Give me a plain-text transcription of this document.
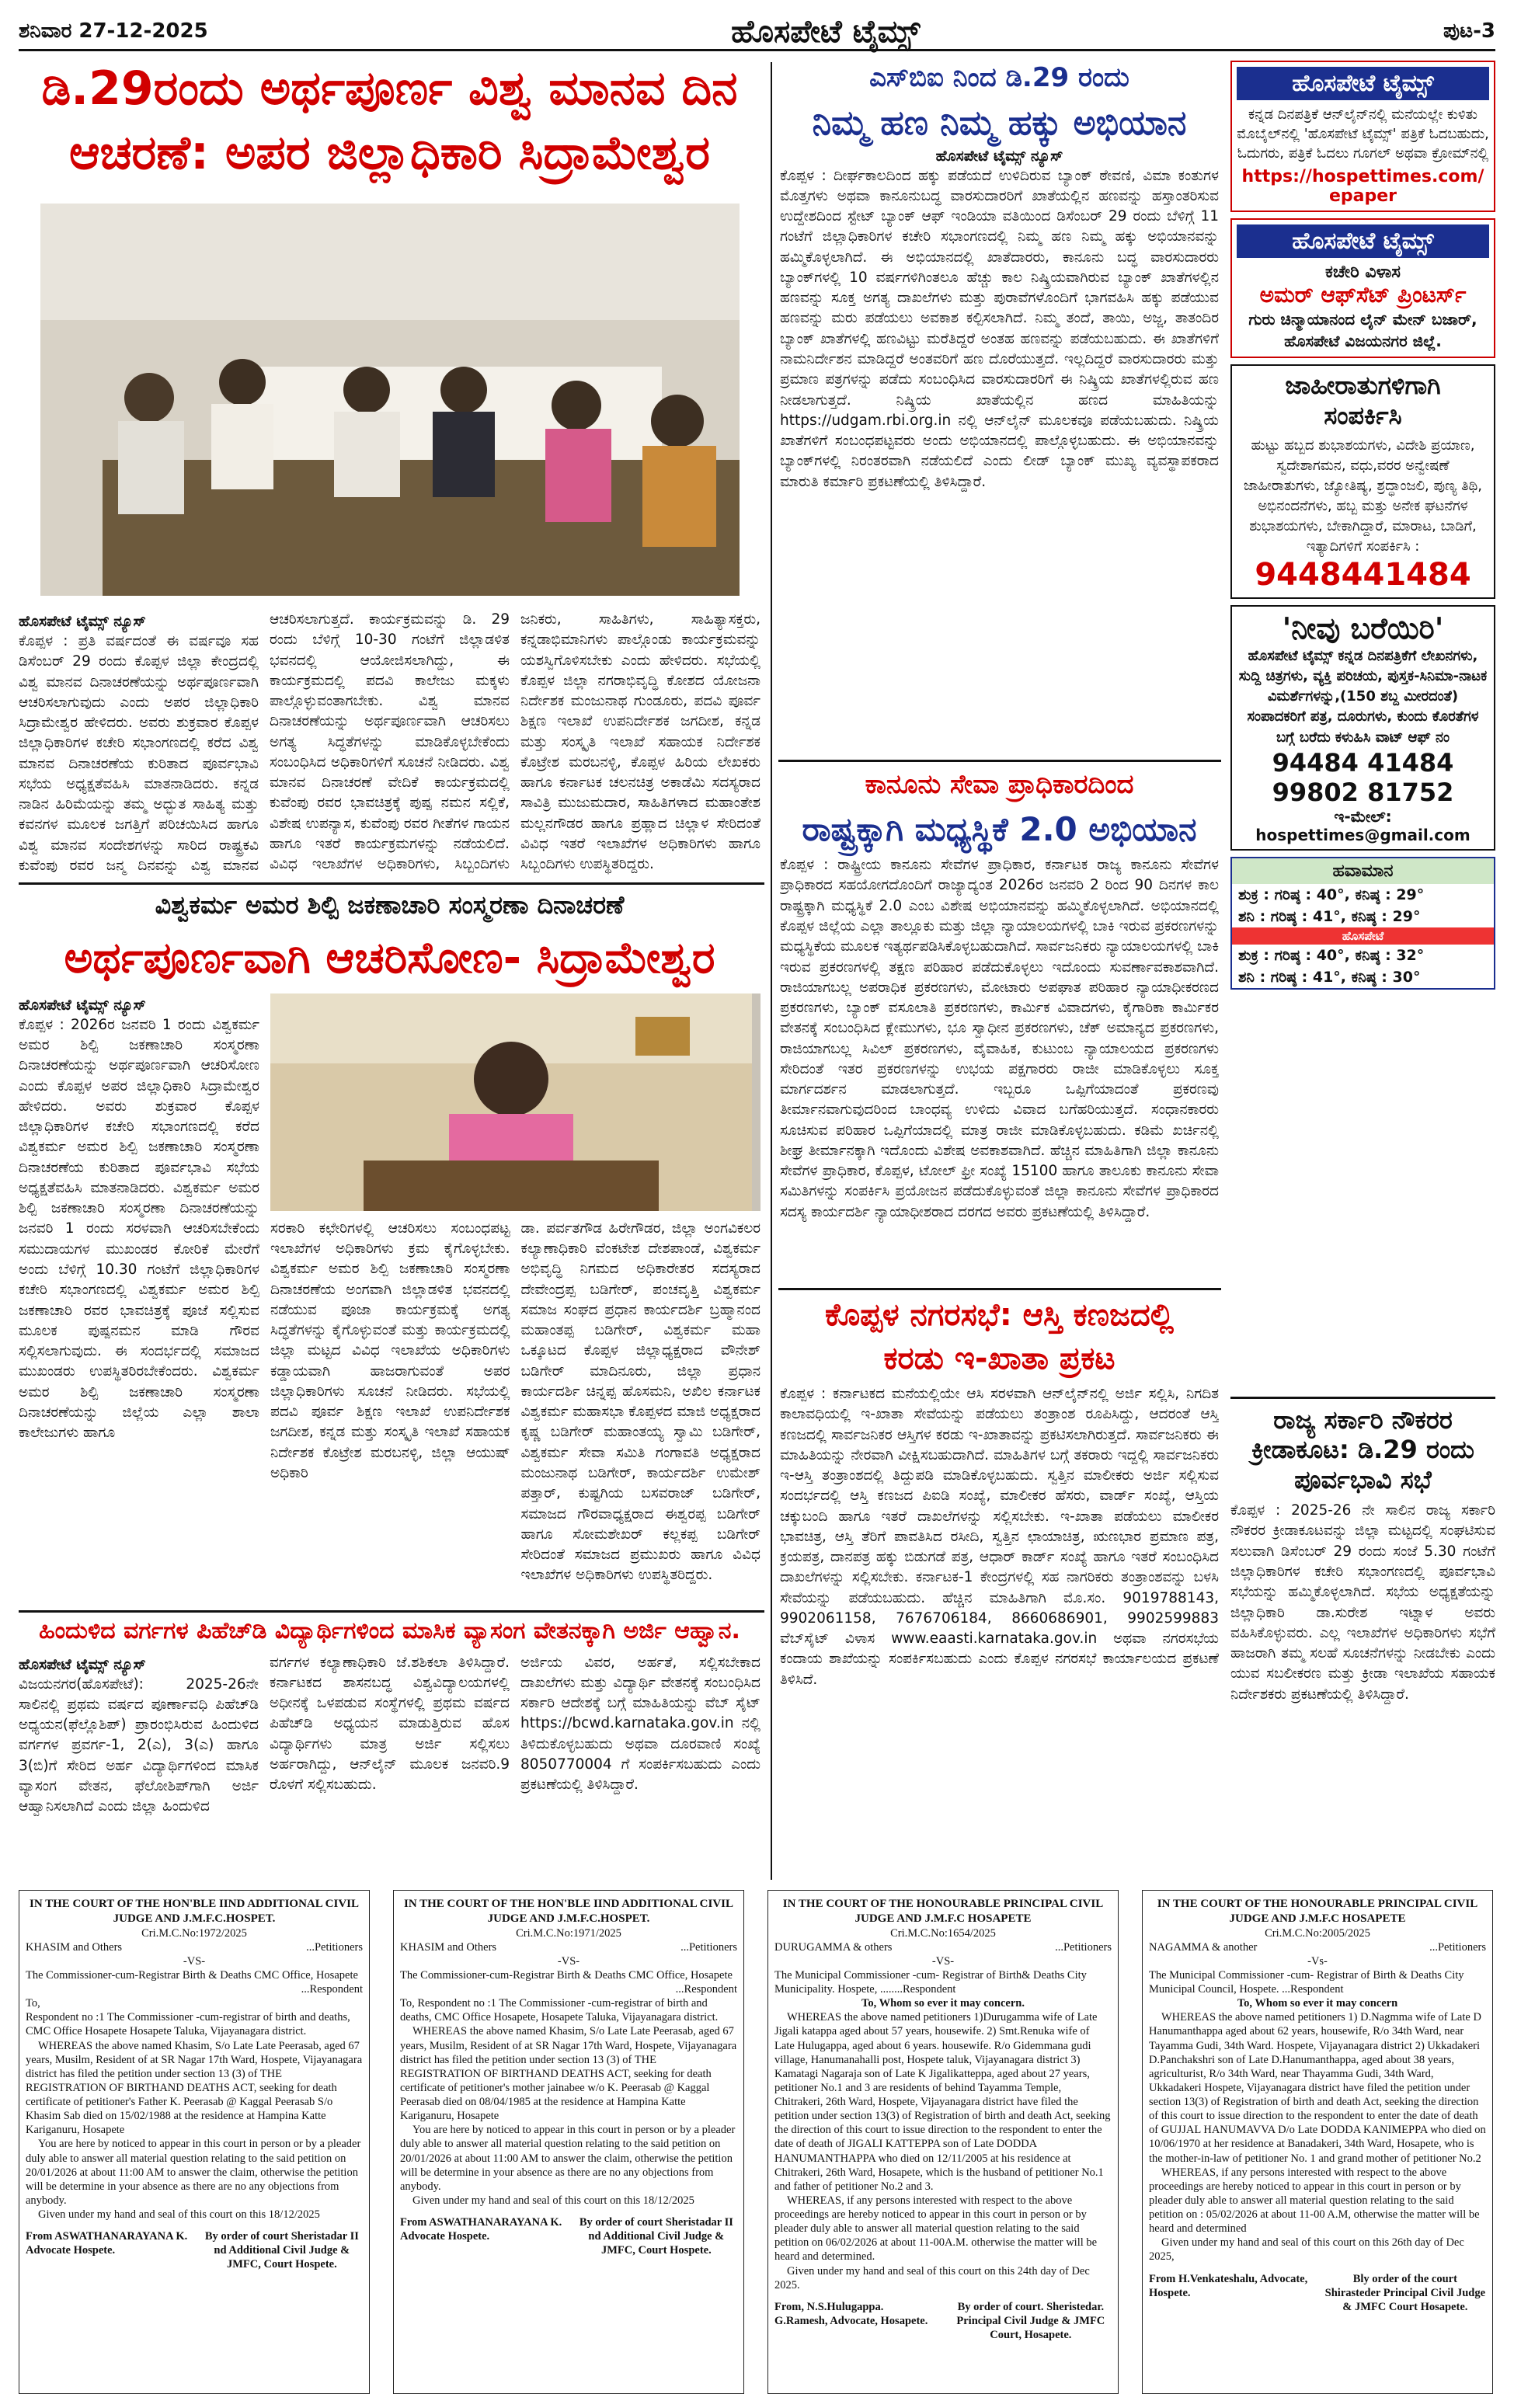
ಶನಿವಾರ 27-12-2025	ಹೊಸಪೇಟೆ ಟೈಮ್ಸ್	ಪುಟ-3
ಡಿ.29ರಂದು ಅರ್ಥಪೂರ್ಣ ವಿಶ್ವ ಮಾನವ ದಿನ
ಆಚರಣೆ: ಅಪರ ಜಿಲ್ಲಾಧಿಕಾರಿ ಸಿದ್ರಾಮೇಶ್ವರ
ಹೊಸಪೇಟೆ ಟೈಮ್ಸ್ ನ್ಯೂಸ್
ಕೊಪ್ಪಳ : ಪ್ರತಿ ವರ್ಷದಂತೆ ಈ ವರ್ಷವೂ ಸಹ ಡಿಸೆಂಬರ್ 29 ರಂದು ಕೊಪ್ಪಳ ಜಿಲ್ಲಾ ಕೇಂದ್ರದಲ್ಲಿ ವಿಶ್ವ ಮಾನವ ದಿನಾಚರಣೆಯನ್ನು ಅರ್ಥಪೂರ್ಣವಾಗಿ ಆಚರಿಸಲಾಗುವುದು ಎಂದು ಅಪರ ಜಿಲ್ಲಾಧಿಕಾರಿ ಸಿದ್ರಾಮೇಶ್ವರ ಹೇಳಿದರು. ಅವರು ಶುಕ್ರವಾರ ಕೊಪ್ಪಳ ಜಿಲ್ಲಾಧಿಕಾರಿಗಳ ಕಚೇರಿ ಸಭಾಂಗಣದಲ್ಲಿ ಕರೆದ ವಿಶ್ವ ಮಾನವ ದಿನಾಚರಣೆಯ ಕುರಿತಾದ ಪೂರ್ವಭಾವಿ ಸಭೆಯ ಅಧ್ಯಕ್ಷತೆವಹಿಸಿ ಮಾತನಾಡಿದರು. ಕನ್ನಡ ನಾಡಿನ ಹಿರಿಮೆಯನ್ನು ತಮ್ಮ ಅದ್ಭುತ ಸಾಹಿತ್ಯ ಮತ್ತು ಕವನಗಳ ಮೂಲಕ ಜಗತ್ತಿಗೆ ಪರಿಚಯಿಸಿದ ಹಾಗೂ ವಿಶ್ವ ಮಾನವ ಸಂದೇಶಗಳನ್ನು ಸಾರಿದ ರಾಷ್ಟ್ರಕವಿ ಕುವೆಂಪು ರವರ ಜನ್ಮ ದಿನವನ್ನು ವಿಶ್ವ ಮಾನವ
ಆಚರಿಸಲಾಗುತ್ತದೆ. ಕಾರ್ಯಕ್ರಮವನ್ನು ಡಿ. 29 ರಂದು ಬೆಳಿಗ್ಗೆ 10-30 ಗಂಟೆಗೆ ಜಿಲ್ಲಾಡಳಿತ ಭವನದಲ್ಲಿ ಆಯೋಜಿಸಲಾಗಿದ್ದು, ಈ ಕಾರ್ಯಕ್ರಮದಲ್ಲಿ ಪದವಿ ಕಾಲೇಜು ಮಕ್ಕಳು ಪಾಲ್ಗೊಳ್ಳುವಂತಾಗಬೇಕು. ವಿಶ್ವ ಮಾನವ ದಿನಾಚರಣೆಯನ್ನು ಅರ್ಥಪೂರ್ಣವಾಗಿ ಆಚರಿಸಲು ಅಗತ್ಯ ಸಿದ್ಧತೆಗಳನ್ನು ಮಾಡಿಕೊಳ್ಳಬೇಕೆಂದು ಸಂಬಂಧಿಸಿದ ಅಧಿಕಾರಿಗಳಿಗೆ ಸೂಚನೆ ನೀಡಿದರು. ವಿಶ್ವ ಮಾನವ ದಿನಾಚರಣೆ ವೇದಿಕೆ ಕಾರ್ಯಕ್ರಮದಲ್ಲಿ ಕುವೆಂಪು ರವರ ಭಾವಚಿತ್ರಕ್ಕೆ ಪುಷ್ಪ ನಮನ ಸಲ್ಲಿಕೆ, ವಿಶೇಷ ಉಪನ್ಯಾಸ, ಕುವೆಂಪು ರವರ ಗೀತೆಗಳ ಗಾಯನ ಹಾಗೂ ಇತರೆ ಕಾರ್ಯಕ್ರಮಗಳನ್ನು ನಡೆಯಲಿದೆ. ವಿವಿಧ ಇಲಾಖೆಗಳ ಅಧಿಕಾರಿಗಳು, ಸಿಬ್ಬಂದಿಗಳು
ಜನಿಕರು, ಸಾಹಿತಿಗಳು, ಸಾಹಿತ್ಯಾಸಕ್ತರು, ಕನ್ನಡಾಭಿಮಾನಿಗಳು ಪಾಲ್ಗೊಂಡು ಕಾರ್ಯಕ್ರಮವನ್ನು ಯಶಸ್ವಿಗೊಳಿಸಬೇಕು ಎಂದು ಹೇಳಿದರು. ಸಭೆಯಲ್ಲಿ ಕೊಪ್ಪಳ ಜಿಲ್ಲಾ ನಗರಾಭಿವೃದ್ಧಿ ಕೋಶದ ಯೋಜನಾ ನಿರ್ದೇಶಕ ಮಂಜುನಾಥ ಗುಂಡೂರು, ಪದವಿ ಪೂರ್ವ ಶಿಕ್ಷಣ ಇಲಾಖೆ ಉಪನಿರ್ದೇಶಕ ಜಗದೀಶ, ಕನ್ನಡ ಮತ್ತು ಸಂಸ್ಕೃತಿ ಇಲಾಖೆ ಸಹಾಯಕ ನಿರ್ದೇಶಕ ಕೊಟ್ರೇಶ ಮರಬನಳ್ಳಿ, ಕೊಪ್ಪಳ ಹಿರಿಯ ಲೇಖಕರು ಹಾಗೂ ಕರ್ನಾಟಕ ಚಲನಚಿತ್ರ ಅಕಾಡೆಮಿ ಸದಸ್ಯರಾದ ಸಾವಿತ್ರಿ ಮುಜುಮದಾರ, ಸಾಹಿತಿಗಳಾದ ಮಹಾಂತೇಶ ಮಲ್ಲನಗೌಡರ ಹಾಗೂ ಪ್ರಹ್ಲಾದ ಚಿಲ್ಲಾಳ ಸೇರಿದಂತೆ ವಿವಿಧ ಇತರೆ ಇಲಾಖೆಗಳ ಅಧಿಕಾರಿಗಳು ಹಾಗೂ ಸಿಬ್ಬಂದಿಗಳು ಉಪಸ್ಥಿತರಿದ್ದರು.
ವಿಶ್ವಕರ್ಮ ಅಮರ ಶಿಲ್ಪಿ ಜಕಣಾಚಾರಿ ಸಂಸ್ಮರಣಾ ದಿನಾಚರಣೆ
ಅರ್ಥಪೂರ್ಣವಾಗಿ ಆಚರಿಸೋಣ- ಸಿದ್ರಾಮೇಶ್ವರ
ಹೊಸಪೇಟೆ ಟೈಮ್ಸ್ ನ್ಯೂಸ್
ಕೊಪ್ಪಳ : 2026ರ ಜನವರಿ 1 ರಂದು ವಿಶ್ವಕರ್ಮ ಅಮರ ಶಿಲ್ಪಿ ಜಕಣಾಚಾರಿ ಸಂಸ್ಮರಣಾ ದಿನಾಚರಣೆಯನ್ನು ಅರ್ಥಪೂರ್ಣವಾಗಿ ಆಚರಿಸೋಣ ಎಂದು ಕೊಪ್ಪಳ ಅಪರ ಜಿಲ್ಲಾಧಿಕಾರಿ ಸಿದ್ರಾಮೇಶ್ವರ ಹೇಳಿದರು. ಅವರು ಶುಕ್ರವಾರ ಕೊಪ್ಪಳ ಜಿಲ್ಲಾಧಿಕಾರಿಗಳ ಕಚೇರಿ ಸಭಾಂಗಣದಲ್ಲಿ ಕರೆದ ವಿಶ್ವಕರ್ಮ ಅಮರ ಶಿಲ್ಪಿ ಜಕಣಾಚಾರಿ ಸಂಸ್ಮರಣಾ ದಿನಾಚರಣೆಯ ಕುರಿತಾದ ಪೂರ್ವಭಾವಿ ಸಭೆಯ ಅಧ್ಯಕ್ಷತೆವಹಿಸಿ ಮಾತನಾಡಿದರು. ವಿಶ್ವಕರ್ಮ ಅಮರ ಶಿಲ್ಪಿ ಜಕಣಾಚಾರಿ ಸಂಸ್ಮರಣಾ ದಿನಾಚರಣೆಯನ್ನು ಜನವರಿ 1 ರಂದು ಸರಳವಾಗಿ ಆಚರಿಸಬೇಕೆಂದು ಸಮುದಾಯಗಳ ಮುಖಂಡರ ಕೋರಿಕೆ ಮೇರೆಗೆ ಅಂದು ಬೆಳಿಗ್ಗೆ 10.30 ಗಂಟೆಗೆ ಜಿಲ್ಲಾಧಿಕಾರಿಗಳ ಕಚೇರಿ ಸಭಾಂಗಣದಲ್ಲಿ ವಿಶ್ವಕರ್ಮ ಅಮರ ಶಿಲ್ಪಿ ಜಕಣಾಚಾರಿ ರವರ ಭಾವಚಿತ್ರಕ್ಕೆ ಪೂಜೆ ಸಲ್ಲಿಸುವ ಮೂಲಕ ಪುಷ್ಪನಮನ ಮಾಡಿ ಗೌರವ ಸಲ್ಲಿಸಲಾಗುವುದು. ಈ ಸಂದರ್ಭದಲ್ಲಿ ಸಮಾಜದ ಮುಖಂಡರು ಉಪಸ್ಥಿತರಿರಬೇಕೆಂದರು. ವಿಶ್ವಕರ್ಮ ಅಮರ ಶಿಲ್ಪಿ ಜಕಣಾಚಾರಿ ಸಂಸ್ಮರಣಾ ದಿನಾಚರಣೆಯನ್ನು ಜಿಲ್ಲೆಯ ಎಲ್ಲಾ ಶಾಲಾ ಕಾಲೇಜುಗಳು ಹಾಗೂ
ಸರಕಾರಿ ಕಛೇರಿಗಳಲ್ಲಿ ಆಚರಿಸಲು ಸಂಬಂಧಪಟ್ಟ ಇಲಾಖೆಗಳ ಅಧಿಕಾರಿಗಳು ಕ್ರಮ ಕೈಗೊಳ್ಳಬೇಕು. ವಿಶ್ವಕರ್ಮ ಅಮರ ಶಿಲ್ಪಿ ಜಕಣಾಚಾರಿ ಸಂಸ್ಮರಣಾ ದಿನಾಚರಣೆಯ ಅಂಗವಾಗಿ ಜಿಲ್ಲಾಡಳಿತ ಭವನದಲ್ಲಿ ನಡೆಯುವ ಪೂಜಾ ಕಾರ್ಯಕ್ರಮಕ್ಕೆ ಅಗತ್ಯ ಸಿದ್ಧತೆಗಳನ್ನು ಕೈಗೊಳ್ಳುವಂತೆ ಮತ್ತು ಕಾರ್ಯಕ್ರಮದಲ್ಲಿ ಜಿಲ್ಲಾ ಮಟ್ಟದ ವಿವಿಧ ಇಲಾಖೆಯ ಅಧಿಕಾರಿಗಳು ಕಡ್ಡಾಯವಾಗಿ ಹಾಜರಾಗುವಂತೆ ಅಪರ ಜಿಲ್ಲಾಧಿಕಾರಿಗಳು ಸೂಚನೆ ನೀಡಿದರು. ಸಭೆಯಲ್ಲಿ ಪದವಿ ಪೂರ್ವ ಶಿಕ್ಷಣ ಇಲಾಖೆ ಉಪನಿರ್ದೇಶಕ ಜಗದೀಶ, ಕನ್ನಡ ಮತ್ತು ಸಂಸ್ಕೃತಿ ಇಲಾಖೆ ಸಹಾಯಕ ನಿರ್ದೇಶಕ ಕೊಟ್ರೇಶ ಮರಬನಳ್ಳಿ, ಜಿಲ್ಲಾ ಆಯುಷ್ ಅಧಿಕಾರಿ
ಡಾ. ಪರ್ವತಗೌಡ ಹಿರೇಗೌಡರ, ಜಿಲ್ಲಾ ಅಂಗವಿಕಲರ ಕಲ್ಯಾಣಾಧಿಕಾರಿ ವೆಂಕಟೇಶ ದೇಶಪಾಂಡೆ, ವಿಶ್ವಕರ್ಮ ಅಭಿವೃದ್ಧಿ ನಿಗಮದ ಅಧಿಕಾರೇತರ ಸದಸ್ಯರಾದ ದೇವೇಂದ್ರಪ್ಪ ಬಡಿಗೇರ್, ಪಂಚವೃತ್ತಿ ವಿಶ್ವಕರ್ಮ ಸಮಾಜ ಸಂಘದ ಪ್ರಧಾನ ಕಾರ್ಯದರ್ಶಿ ಬ್ರಹ್ಮಾನಂದ ಮಹಾಂತಪ್ಪ ಬಡಿಗೇರ್, ವಿಶ್ವಕರ್ಮ ಮಹಾ ಒಕ್ಕೂಟದ ಕೊಪ್ಪಳ ಜಿಲ್ಲಾಧ್ಯಕ್ಷರಾದ ವೌನೇಶ್ ಬಡಿಗೇರ್ ಮಾದಿನೂರು, ಜಿಲ್ಲಾ ಪ್ರಧಾನ ಕಾರ್ಯದರ್ಶಿ ಚಿನ್ನಪ್ಪ ಹೊಸಮನಿ, ಅಖಿಲ ಕರ್ನಾಟಕ ವಿಶ್ವಕರ್ಮ ಮಹಾಸಭಾ ಕೊಪ್ಪಳದ ಮಾಜಿ ಅಧ್ಯಕ್ಷರಾದ ಕೃಷ್ಣ ಬಡಿಗೇರ್ ಮಹಾಂತಯ್ಯ ಸ್ವಾಮಿ ಬಡಿಗೇರ್, ವಿಶ್ವಕರ್ಮ ಸೇವಾ ಸಮಿತಿ ಗಂಗಾವತಿ ಅಧ್ಯಕ್ಷರಾದ ಮಂಜುನಾಥ ಬಡಿಗೇರ್, ಕಾರ್ಯದರ್ಶಿ ಉಮೇಶ್ ಪತ್ತಾರ್, ಕುಷ್ಟಗಿಯ ಬಸವರಾಜ್ ಬಡಿಗೇರ್, ಸಮಾಜದ ಗೌರವಾಧ್ಯಕ್ಷರಾದ ಈಶ್ವರಪ್ಪ ಬಡಿಗೇರ್ ಹಾಗೂ ಸೋಮಶೇಖರ್ ಕಲ್ಲಕಪ್ಪ ಬಡಿಗೇರ್ ಸೇರಿದಂತೆ ಸಮಾಜದ ಪ್ರಮುಖರು ಹಾಗೂ ವಿವಿಧ ಇಲಾಖೆಗಳ ಅಧಿಕಾರಿಗಳು ಉಪಸ್ಥಿತರಿದ್ದರು.
ಹಿಂದುಳಿದ ವರ್ಗಗಳ ಪಿಹೆಚ್‌ಡಿ ವಿದ್ಯಾರ್ಥಿಗಳಿಂದ ಮಾಸಿಕ ವ್ಯಾಸಂಗ ವೇತನಕ್ಕಾಗಿ ಅರ್ಜಿ ಆಹ್ವಾನ.
ಹೊಸಪೇಟೆ ಟೈಮ್ಸ್ ನ್ಯೂಸ್
ವಿಜಯನಗರ(ಹೊಸಪೇಟೆ): 2025-26ನೇ ಸಾಲಿನಲ್ಲಿ ಪ್ರಥಮ ವರ್ಷದ ಪೂರ್ಣಾವಧಿ ಪಿಹೆಚ್‌ಡಿ ಅಧ್ಯಯನ(ಫೆಲ್ಲೊಶಿಪ್) ಪ್ರಾರಂಭಿಸಿರುವ ಹಿಂದುಳಿದ ವರ್ಗಗಳ ಪ್ರವರ್ಗ-1, 2(ಎ), 3(ಎ) ಹಾಗೂ 3(ಬಿ)ಗೆ ಸೇರಿದ ಅರ್ಹ ವಿದ್ಯಾರ್ಥಿಗಳಿಂದ ಮಾಸಿಕ ವ್ಯಾಸಂಗ ವೇತನ, ಫೆಲೋಶಿಪ್‌ಗಾಗಿ ಅರ್ಜಿ ಆಹ್ವಾನಿಸಲಾಗಿದೆ ಎಂದು ಜಿಲ್ಲಾ ಹಿಂದುಳಿದ
ವರ್ಗಗಳ ಕಲ್ಯಾಣಾಧಿಕಾರಿ ಜೆ.ಶಶಿಕಲಾ ತಿಳಿಸಿದ್ದಾರೆ. ಕರ್ನಾಟಕದ ಶಾಸನಬದ್ಧ ವಿಶ್ವವಿದ್ಯಾಲಯಗಳಲ್ಲಿ ಅಧೀನಕ್ಕೆ ಒಳಪಡುವ ಸಂಸ್ಥೆಗಳಲ್ಲಿ ಪ್ರಥಮ ವರ್ಷದ ಪಿಹೆಚ್‌ಡಿ ಅಧ್ಯಯನ ಮಾಡುತ್ತಿರುವ ಹೊಸ ವಿದ್ಯಾರ್ಥಿಗಳು ಮಾತ್ರ ಅರ್ಜಿ ಸಲ್ಲಿಸಲು ಅರ್ಹರಾಗಿದ್ದು, ಆನ್‌ಲೈನ್ ಮೂಲಕ ಜನವರಿ.9 ರೊಳಗೆ ಸಲ್ಲಿಸಬಹುದು.
ಅರ್ಜಿಯ ವಿವರ, ಅರ್ಹತೆ, ಸಲ್ಲಿಸಬೇಕಾದ ದಾಖಲೆಗಳು ಮತ್ತು ವಿದ್ಯಾರ್ಥಿ ವೇತನಕ್ಕೆ ಸಂಬಂಧಿಸಿದ ಸರ್ಕಾರಿ ಆದೇಶಕ್ಕೆ ಬಗ್ಗೆ ಮಾಹಿತಿಯನ್ನು ವೆಬ್ ಸೈಟ್ https://bcwd.karnataka.gov.in ನಲ್ಲಿ ತಿಳಿದುಕೊಳ್ಳಬಹುದು ಅಥವಾ ದೂರವಾಣಿ ಸಂಖ್ಯೆ 8050770004 ಗೆ ಸಂಪರ್ಕಿಸಬಹುದು ಎಂದು ಪ್ರಕಟಣೆಯಲ್ಲಿ ತಿಳಿಸಿದ್ದಾರೆ.
ಎಸ್‌ಬಿಐ ನಿಂದ ಡಿ.29 ರಂದು
ನಿಮ್ಮ ಹಣ ನಿಮ್ಮ ಹಕ್ಕು ಅಭಿಯಾನ
ಹೊಸಪೇಟೆ ಟೈಮ್ಸ್ ನ್ಯೂಸ್
ಕೊಪ್ಪಳ : ದೀರ್ಘಕಾಲದಿಂದ ಹಕ್ಕು ಪಡೆಯದೆ ಉಳಿದಿರುವ ಬ್ಯಾಂಕ್ ಠೇವಣಿ, ವಿಮಾ ಕಂತುಗಳ ಮೊತ್ತಗಳು ಅಥವಾ ಕಾನೂನುಬದ್ಧ ವಾರಸುದಾರರಿಗೆ ಖಾತೆಯಲ್ಲಿನ ಹಣವನ್ನು ಹಸ್ತಾಂತರಿಸುವ ಉದ್ದೇಶದಿಂದ ಸ್ಟೇಟ್ ಬ್ಯಾಂಕ್ ಆಫ್ ಇಂಡಿಯಾ ವತಿಯಿಂದ ಡಿಸೆಂಬರ್ 29 ರಂದು ಬೆಳಿಗ್ಗೆ 11 ಗಂಟೆಗೆ ಜಿಲ್ಲಾಧಿಕಾರಿಗಳ ಕಚೇರಿ ಸಭಾಂಗಣದಲ್ಲಿ ನಿಮ್ಮ ಹಣ ನಿಮ್ಮ ಹಕ್ಕು ಅಭಿಯಾನವನ್ನು ಹಮ್ಮಿಕೊಳ್ಳಲಾಗಿದೆ. ಈ ಅಭಿಯಾನದಲ್ಲಿ ಖಾತೆದಾರರು, ಕಾನೂನು ಬದ್ಧ ವಾರಸುದಾರರು ಬ್ಯಾಂಕ್‌ಗಳಲ್ಲಿ 10 ವರ್ಷಗಳಿಗಿಂತಲೂ ಹೆಚ್ಚು ಕಾಲ ನಿಷ್ಕ್ರಿಯವಾಗಿರುವ ಬ್ಯಾಂಕ್ ಖಾತೆಗಳಲ್ಲಿನ ಹಣವನ್ನು ಸೂಕ್ತ ಅಗತ್ಯ ದಾಖಲೆಗಳು ಮತ್ತು ಪುರಾವೆಗಳೊಂದಿಗೆ ಭಾಗವಹಿಸಿ ಹಕ್ಕು ಪಡೆಯುವ ಹಣವನ್ನು ಮರು ಪಡೆಯಲು ಅವಕಾಶ ಕಲ್ಪಿಸಲಾಗಿದೆ. ನಿಮ್ಮ ತಂದೆ, ತಾಯಿ, ಅಜ್ಜ, ತಾತಂದಿರ ಬ್ಯಾಂಕ್ ಖಾತೆಗಳಲ್ಲಿ ಹಣವಿಟ್ಟು ಮರೆತಿದ್ದರೆ ಅಂತಹ ಹಣವನ್ನು ಪಡೆಯಬಹುದು. ಈ ಖಾತೆಗಳಿಗೆ ನಾಮನಿರ್ದೇಶನ ಮಾಡಿದ್ದರೆ ಅಂತವರಿಗೆ ಹಣ ದೊರೆಯುತ್ತದೆ. ಇಲ್ಲದಿದ್ದರೆ ವಾರಸುದಾರರು ಮತ್ತು ಪ್ರಮಾಣ ಪತ್ರಗಳನ್ನು ಪಡೆದು ಸಂಬಂಧಿಸಿದ ವಾರಸುದಾರರಿಗೆ ಈ ನಿಷ್ಕ್ರಿಯ ಖಾತೆಗಳಲ್ಲಿರುವ ಹಣ ನೀಡಲಾಗುತ್ತದೆ. ನಿಷ್ಕ್ರಿಯ ಖಾತೆಯಲ್ಲಿನ ಹಣದ ಮಾಹಿತಿಯನ್ನು https://udgam.rbi.org.in ನಲ್ಲಿ ಆನ್‌ಲೈನ್ ಮೂಲಕವೂ ಪಡೆಯಬಹುದು. ನಿಷ್ಕ್ರಿಯ ಖಾತೆಗಳಿಗೆ ಸಂಬಂಧಪಟ್ಟವರು ಅಂದು ಅಭಿಯಾನದಲ್ಲಿ ಪಾಲ್ಗೊಳ್ಳಬಹುದು. ಈ ಅಭಿಯಾನವನ್ನು ಬ್ಯಾಂಕ್‌ಗಳಲ್ಲಿ ನಿರಂತರವಾಗಿ ನಡೆಯಲಿದೆ ಎಂದು ಲೀಡ್ ಬ್ಯಾಂಕ್ ಮುಖ್ಯ ವ್ಯವಸ್ಥಾಪಕರಾದ ಮಾರುತಿ ಕರ್ಮಾರಿ ಪ್ರಕಟಣೆಯಲ್ಲಿ ತಿಳಿಸಿದ್ದಾರೆ.
ಕಾನೂನು ಸೇವಾ ಪ್ರಾಧಿಕಾರದಿಂದ
ರಾಷ್ಟ್ರಕ್ಕಾಗಿ ಮಧ್ಯಸ್ಥಿಕೆ 2.0 ಅಭಿಯಾನ
ಕೊಪ್ಪಳ : ರಾಷ್ಟ್ರೀಯ ಕಾನೂನು ಸೇವೆಗಳ ಪ್ರಾಧಿಕಾರ, ಕರ್ನಾಟಕ ರಾಜ್ಯ ಕಾನೂನು ಸೇವೆಗಳ ಪ್ರಾಧಿಕಾರದ ಸಹಯೋಗದೊಂದಿಗೆ ರಾಜ್ಯಾದ್ಯಂತ 2026ರ ಜನವರಿ 2 ರಿಂದ 90 ದಿನಗಳ ಕಾಲ ರಾಷ್ಟ್ರಕ್ಕಾಗಿ ಮಧ್ಯಸ್ಥಿಕೆ 2.0 ಎಂಬ ವಿಶೇಷ ಅಭಿಯಾನವನ್ನು ಹಮ್ಮಿಕೊಳ್ಳಲಾಗಿದೆ. ಅಭಿಯಾನದಲ್ಲಿ ಕೊಪ್ಪಳ ಜಿಲ್ಲೆಯ ಎಲ್ಲಾ ತಾಲ್ಲೂಕು ಮತ್ತು ಜಿಲ್ಲಾ ನ್ಯಾಯಾಲಯಗಳಲ್ಲಿ ಬಾಕಿ ಇರುವ ಪ್ರಕರಣಗಳನ್ನು ಮಧ್ಯಸ್ಥಿಕೆಯ ಮೂಲಕ ಇತ್ಯರ್ಥಪಡಿಸಿಕೊಳ್ಳಬಹುದಾಗಿದೆ. ಸಾರ್ವಜನಿಕರು ನ್ಯಾಯಾಲಯಗಳಲ್ಲಿ ಬಾಕಿ ಇರುವ ಪ್ರಕರಣಗಳಲ್ಲಿ ತಕ್ಷಣ ಪರಿಹಾರ ಪಡೆದುಕೊಳ್ಳಲು ಇದೊಂದು ಸುವರ್ಣಾವಕಾಶವಾಗಿದೆ. ರಾಜಿಯಾಗಬಲ್ಲ ಅಪರಾಧಿಕ ಪ್ರಕರಣಗಳು, ಮೋಟಾರು ಅಪಘಾತ ಪರಿಹಾರ ನ್ಯಾಯಾಧೀಕರಣದ ಪ್ರಕರಣಗಳು, ಬ್ಯಾಂಕ್ ವಸೂಲಾತಿ ಪ್ರಕರಣಗಳು, ಕಾರ್ಮಿಕ ವಿವಾದಗಳು, ಕೈಗಾರಿಕಾ ಕಾರ್ಮಿಕರ ವೇತನಕ್ಕೆ ಸಂಬಂಧಿಸಿದ ಕ್ಲೇಮುಗಳು, ಭೂ ಸ್ವಾಧೀನ ಪ್ರಕರಣಗಳು, ಚೆಕ್ ಅಮಾನ್ಯದ ಪ್ರಕರಣಗಳು, ರಾಜಿಯಾಗಬಲ್ಲ ಸಿವಿಲ್ ಪ್ರಕರಣಗಳು, ವೈವಾಹಿಕ, ಕುಟುಂಬ ನ್ಯಾಯಾಲಯದ ಪ್ರಕರಣಗಳು ಸೇರಿದಂತೆ ಇತರ ಪ್ರಕರಣಗಳನ್ನು ಉಭಯ ಪಕ್ಷಗಾರರು ರಾಜೀ ಮಾಡಿಕೊಳ್ಳಲು ಸೂಕ್ತ ಮಾರ್ಗದರ್ಶನ ಮಾಡಲಾಗುತ್ತದೆ. ಇಬ್ಬರೂ ಒಪ್ಪಿಗೆಯಾದಂತೆ ಪ್ರಕರಣವು ತೀರ್ಮಾನವಾಗುವುದರಿಂದ ಬಾಂಧವ್ಯ ಉಳಿದು ವಿವಾದ ಬಗೆಹರಿಯುತ್ತದೆ. ಸಂಧಾನಕಾರರು ಸೂಚಿಸುವ ಪರಿಹಾರ ಒಪ್ಪಿಗೆಯಾದಲ್ಲಿ ಮಾತ್ರ ರಾಜೀ ಮಾಡಿಕೊಳ್ಳಬಹುದು. ಕಡಿಮೆ ಖರ್ಚಿನಲ್ಲಿ ಶೀಘ್ರ ತೀರ್ಮಾನಕ್ಕಾಗಿ ಇದೊಂದು ವಿಶೇಷ ಅವಕಾಶವಾಗಿದೆ. ಹೆಚ್ಚಿನ ಮಾಹಿತಿಗಾಗಿ ಜಿಲ್ಲಾ ಕಾನೂನು ಸೇವೆಗಳ ಪ್ರಾಧಿಕಾರ, ಕೊಪ್ಪಳ, ಟೋಲ್ ಫ್ರೀ ಸಂಖ್ಯೆ 15100 ಹಾಗೂ ತಾಲೂಕು ಕಾನೂನು ಸೇವಾ ಸಮಿತಿಗಳನ್ನು ಸಂಪರ್ಕಿಸಿ ಪ್ರಯೋಜನ ಪಡೆದುಕೊಳ್ಳುವಂತೆ ಜಿಲ್ಲಾ ಕಾನೂನು ಸೇವೆಗಳ ಪ್ರಾಧಿಕಾರದ ಸದಸ್ಯ ಕಾರ್ಯದರ್ಶಿ ನ್ಯಾಯಾಧೀಶರಾದ ದರಗದ ಅವರು ಪ್ರಕಟಣೆಯಲ್ಲಿ ತಿಳಿಸಿದ್ದಾರೆ.
ಕೊಪ್ಪಳ ನಗರಸಭೆ: ಆಸ್ತಿ ಕಣಜದಲ್ಲಿ
ಕರಡು ಇ-ಖಾತಾ ಪ್ರಕಟ
ಕೊಪ್ಪಳ : ಕರ್ನಾಟಕದ ಮನೆಯಲ್ಲಿಯೇ ಆಸಿ ಸರಳವಾಗಿ ಆನ್‌ಲೈನ್‌ನಲ್ಲಿ ಅರ್ಜಿ ಸಲ್ಲಿಸಿ, ನಿಗದಿತ ಕಾಲಾವಧಿಯಲ್ಲಿ ಇ-ಖಾತಾ ಸೇವೆಯನ್ನು ಪಡೆಯಲು ತಂತ್ರಾಂಶ ರೂಪಿಸಿದ್ದು, ಆದರಂತೆ ಆಸ್ತಿ ಕಣಜದಲ್ಲಿ ಸಾರ್ವಜನಿಕರ ಆಸ್ತಿಗಳ ಕರಡು ಇ-ಖಾತಾವನ್ನು ಪ್ರಕಟಿಸಲಾಗಿರುತ್ತದೆ. ಸಾರ್ವಜನಿಕರು ಈ ಮಾಹಿತಿಯನ್ನು ನೇರವಾಗಿ ವೀಕ್ಷಿಸಬಹುದಾಗಿದೆ. ಮಾಹಿತಿಗಳ ಬಗ್ಗೆ ತಕರಾರು ಇದ್ದಲ್ಲಿ ಸಾರ್ವಜನಿಕರು ಇ-ಆಸ್ತಿ ತಂತ್ರಾಂಶದಲ್ಲಿ ತಿದ್ದುಪಡಿ ಮಾಡಿಕೊಳ್ಳಬಹುದು. ಸ್ವತ್ತಿನ ಮಾಲೀಕರು ಅರ್ಜಿ ಸಲ್ಲಿಸುವ ಸಂದರ್ಭದಲ್ಲಿ ಆಸ್ತಿ ಕಣಜದ ಪಿಐಡಿ ಸಂಖ್ಯೆ, ಮಾಲೀಕರ ಹೆಸರು, ವಾರ್ಡ್ ಸಂಖ್ಯೆ, ಆಸ್ತಿಯ ಚಕ್ಕುಬಂದಿ ಹಾಗೂ ಇತರೆ ದಾಖಲೆಗಳನ್ನು ಸಲ್ಲಿಸಬೇಕು. ಇ-ಖಾತಾ ಪಡೆಯಲು ಮಾಲೀಕರ ಭಾವಚಿತ್ರ, ಆಸ್ತಿ ತೆರಿಗೆ ಪಾವತಿಸಿದ ರಸೀದಿ, ಸ್ವತ್ತಿನ ಛಾಯಾಚಿತ್ರ, ಋಣಭಾರ ಪ್ರಮಾಣ ಪತ್ರ, ಕ್ರಯಪತ್ರ, ದಾನಪತ್ರ ಹಕ್ಕು ಬಿಡುಗಡೆ ಪತ್ರ, ಆಧಾರ್ ಕಾರ್ಡ್ ಸಂಖ್ಯೆ ಹಾಗೂ ಇತರೆ ಸಂಬಂಧಿಸಿದ ದಾಖಲೆಗಳನ್ನು ಸಲ್ಲಿಸಬೇಕು. ಕರ್ನಾಟಕ-1 ಕೇಂದ್ರಗಳಲ್ಲಿ ಸಹ ನಾಗರಿಕರು ತಂತ್ರಾಂಶವನ್ನು ಬಳಸಿ ಸೇವೆಯನ್ನು ಪಡೆಯಬಹುದು. ಹೆಚ್ಚಿನ ಮಾಹಿತಿಗಾಗಿ ಮೊ.ಸಂ. 9019788143, 9902061158, 7676706184, 8660686901, 9902599883 ವೆಬ್‌ಸೈಟ್ ವಿಳಾಸ www.eaasti.karnataka.gov.in ಅಥವಾ ನಗರಸಭೆಯ ಕಂದಾಯ ಶಾಖೆಯನ್ನು ಸಂಪರ್ಕಿಸಬಹುದು ಎಂದು ಕೊಪ್ಪಳ ನಗರಸಭೆ ಕಾರ್ಯಾಲಯದ ಪ್ರಕಟಣೆ ತಿಳಿಸಿದೆ.
ಹೊಸಪೇಟೆ ಟೈಮ್ಸ್
ಕನ್ನಡ ದಿನಪತ್ರಿಕೆ ಆನ್‌ಲೈನ್‌ನಲ್ಲಿ ಮನೆಯಲ್ಲೇ ಕುಳಿತು ಮೊಬೈಲ್‌ನಲ್ಲಿ 'ಹೊಸಪೇಟೆ ಟೈಮ್ಸ್' ಪತ್ರಿಕೆ ಓದಬಹುದು, ಓದುಗರು, ಪತ್ರಿಕೆ ಓದಲು ಗೂಗಲ್ ಅಥವಾ ಕ್ರೋಮ್‌ನಲ್ಲಿ
https://hospettimes.com/ epaper
ಹೊಸಪೇಟೆ ಟೈಮ್ಸ್
ಕಚೇರಿ ವಿಳಾಸ
ಅಮರ್ ಆಫ್‌ಸೆಟ್ ಪ್ರಿಂಟರ್ಸ್
ಗುರು ಚಿನ್ಮಾಯಾನಂದ ಲೈನ್ ಮೇನ್ ಬಜಾರ್, ಹೊಸಪೇಟೆ ವಿಜಯನಗರ ಜಿಲ್ಲೆ.
ಜಾಹೀರಾತುಗಳಿಗಾಗಿ
ಸಂಪರ್ಕಿಸಿ
ಹುಟ್ಟು ಹಬ್ಬದ ಶುಭಾಶಯಗಳು, ವಿದೇಶಿ ಪ್ರಯಾಣ, ಸ್ವದೇಶಾಗಮನ, ವಧು,ವರರ ಅನ್ವೇಷಣೆ ಜಾಹೀರಾತುಗಳು, ಜ್ಯೋತಿಷ್ಯ, ಶ್ರದ್ಧಾಂಜಲಿ, ಪುಣ್ಯ ತಿಥಿ, ಅಭಿನಂದನೆಗಳು, ಹಬ್ಬ ಮತ್ತು ಅನೇಕ ಘಟನೆಗಳ ಶುಭಾಶಯಗಳು, ಬೇಕಾಗಿದ್ದಾರೆ, ಮಾರಾಟ, ಬಾಡಿಗೆ, ಇತ್ಯಾದಿಗಳಿಗೆ ಸಂಪರ್ಕಿಸಿ :
9448441484
'ನೀವು ಬರೆಯಿರಿ'
ಹೊಸಪೇಟೆ ಟೈಮ್ಸ್ ಕನ್ನಡ ದಿನಪತ್ರಿಕೆಗೆ ಲೇಖನಗಳು, ಸುದ್ದಿ ಚಿತ್ರಗಳು, ವ್ಯಕ್ತಿ ಪರಿಚಯ, ಪುಸ್ತಕ-ಸಿನಿಮಾ-ನಾಟಕ ವಿಮರ್ಶೆಗಳನ್ನು,(150 ಶಬ್ದ ಮೀರದಂತೆ) ಸಂಪಾದಕರಿಗೆ ಪತ್ರ, ದೂರುಗಳು, ಕುಂದು ಕೊರತೆಗಳ ಬಗ್ಗೆ ಬರೆದು ಕಳುಹಿಸಿ ವಾಟ್ ಆಫ್ ನಂ
94484 41484
99802 81752
ಇ-ಮೇಲ್: hospettimes@gmail.com
ಹವಾಮಾನ
ಶುಕ್ರ : ಗರಿಷ್ಠ : 40°, ಕನಿಷ್ಠ : 29°
ಶನಿ : ಗರಿಷ್ಠ : 41°, ಕನಿಷ್ಠ : 29°
ಹೊಸಪೇಟೆ
ಶುಕ್ರ : ಗರಿಷ್ಠ : 40°, ಕನಿಷ್ಠ : 32°
ಶನಿ : ಗರಿಷ್ಠ : 41°, ಕನಿಷ್ಠ : 30°
ರಾಜ್ಯ ಸರ್ಕಾರಿ ನೌಕರರ
ಕ್ರೀಡಾಕೂಟ: ಡಿ.29 ರಂದು
ಪೂರ್ವಭಾವಿ ಸಭೆ
ಕೊಪ್ಪಳ : 2025-26 ನೇ ಸಾಲಿನ ರಾಜ್ಯ ಸರ್ಕಾರಿ ನೌಕರರ ಕ್ರೀಡಾಕೂಟವನ್ನು ಜಿಲ್ಲಾ ಮಟ್ಟದಲ್ಲಿ ಸಂಘಟಿಸುವ ಸಲುವಾಗಿ ಡಿಸೆಂಬರ್ 29 ರಂದು ಸಂಜೆ 5.30 ಗಂಟೆಗೆ ಜಿಲ್ಲಾಧಿಕಾರಿಗಳ ಕಚೇರಿ ಸಭಾಂಗಣದಲ್ಲಿ ಪೂರ್ವಭಾವಿ ಸಭೆಯನ್ನು ಹಮ್ಮಿಕೊಳ್ಳಲಾಗಿದೆ. ಸಭೆಯ ಅಧ್ಯಕ್ಷತೆಯನ್ನು ಜಿಲ್ಲಾಧಿಕಾರಿ ಡಾ.ಸುರೇಶ ಇಟ್ನಾಳ ಅವರು ವಹಿಸಿಕೊಳ್ಳುವರು. ಎಲ್ಲ ಇಲಾಖೆಗಳ ಅಧಿಕಾರಿಗಳು ಸಭೆಗೆ ಹಾಜರಾಗಿ ತಮ್ಮ ಸಲಹೆ ಸೂಚನೆಗಳನ್ನು ನೀಡಬೇಕು ಎಂದು ಯುವ ಸಬಲೀಕರಣ ಮತ್ತು ಕ್ರೀಡಾ ಇಲಾಖೆಯ ಸಹಾಯಕ ನಿರ್ದೇಶಕರು ಪ್ರಕಟಣೆಯಲ್ಲಿ ತಿಳಿಸಿದ್ದಾರೆ.
IN THE COURT OF THE HON'BLE IIND ADDITIONAL CIVIL JUDGE AND J.M.F.C.HOSPET.
Cri.M.C.No:1972/2025
KHASIM and Others	...Petitioners
-VS-
The Commissioner-cum-Registrar Birth & Deaths CMC Office, Hosapete
...Respondent
To,
Respondent no :1 The Commissioner -cum-registrar of birth and deaths, CMC Office Hosapete Hosapete Taluka, Vijayanagara district.
WHEREAS the above named Khasim, S/o Late Late Peerasab, aged 67 years, Musilm, Resident of at SR Nagar 17th Ward, Hospete, Vijayanagara district has filed the petition under section 13 (3) of THE REGISTRATION OF BIRTHAND DEATHS ACT, seeking for death certificate of petitioner's Father K. Peerasab @ Kaggal Peerasab S/o Khasim Sab died on 15/02/1988 at the residence at Hampina Katte Kariganuru, Hosapete
You are here by noticed to appear in this court in person or by a pleader duly able to answer all material question relating to the said petition on 20/01/2026 at about 11:00 AM to answer the claim, otherwise the petition will be determine in your absence as there are no any objections from anybody.
Given under my hand and seal of this court on this 18/12/2025
From ASWATHANARAYANA K. Advocate Hospete.
By order of court Sheristadar II nd Additional Civil Judge & JMFC, Court Hospete.
IN THE COURT OF THE HON'BLE IIND ADDITIONAL CIVIL JUDGE AND J.M.F.C.HOSPET.
Cri.M.C.No:1971/2025
KHASIM and Others	...Petitioners
-VS-
The Commissioner-cum-Registrar Birth & Deaths CMC Office, Hosapete
...Respondent
To, Respondent no :1 The Commissioner -cum-registrar of birth and deaths, CMC Office Hosapete, Hosapete Taluka, Vijayanagara district.
WHEREAS the above named Khasim, S/o Late Late Peerasab, aged 67 years, Musilm, Resident of at SR Nagar 17th Ward, Hospete, Vijayanagara district has filed the petition under section 13 (3) of THE REGISTRATION OF BIRTHAND DEATHS ACT, seeking for death certificate of petitioner's mother jainabee w/o K. Peerasab @ Kaggal Peerasab died on 08/04/1985 at the residence at Hampina Katte Kariganuru, Hosapete
You are here by noticed to appear in this court in person or by a pleader duly able to answer all material question relating to the said petition on 20/01/2026 at about 11:00 AM to answer the claim, otherwise the petition will be determine in your absence as there are no any objections from anybody.
Given under my hand and seal of this court on this 18/12/2025
From ASWATHANARAYANA K. Advocate Hospete.
By order of court Sheristadar II nd Additional Civil Judge & JMFC, Court Hospete.
IN THE COURT OF THE HONOURABLE PRINCIPAL CIVIL JUDGE AND J.M.F.C HOSAPETE
Cri.M.C.No:1654/2025
DURUGAMMA & others	...Petitioners
-VS-
The Municipal Commissioner -cum- Registrar of Birth& Deaths City Municipality. Hospete, ........Respondent
To, Whom so ever it may concern.
WHEREAS the above named petitioners 1)Durugamma wife of Late Jigali katappa aged about 57 years, housewife. 2) Smt.Renuka wife of Late Hulugappa, aged about 6 years. housewife. R/o Gidemmana gudi village, Hanumanahalli post, Hospete taluk, Vijayanagara district 3) Kamatagi Nagaraja son of Late K Jigalikatteppa, aged about 27 years, petitioner No.1 and 3 are residents of behind Tayamma Temple, Chitrakeri, 26th Ward, Hospete, Vijayanagara district have filed the petition under section 13(3) of Registration of birth and death Act, seeking the direction of this court to issue direction to the respondent to enter the date of death of JIGALI KATTEPPA son of Late DODDA HANUMANTHAPPA who died on 12/11/2005 at his residence at Chitrakeri, 26th Ward, Hosapete, which is the husband of petitioner No.1 and father of petitioner No.2 and 3.
WHEREAS, if any persons interested with respect to the above proceedings are hereby noticed to appear in this court in person or by pleader duly able to answer all material question relating to the said petition on 06/02/2026 at about 11-00A.M. otherwise the matter will be heard and determined.
Given under my hand and seal of this court on this 24th day of Dec 2025.
From, N.S.Hulugappa. G.Ramesh, Advocate, Hosapete.
By order of court. Sheristedar. Principal Civil Judge & JMFC Court, Hosapete.
IN THE COURT OF THE HONOURABLE PRINCIPAL CIVIL JUDGE AND J.M.F.C HOSAPETE
Cri.M.C.No:2005/2025
NAGAMMA & another	...Petitioners
-Vs-
The Municipal Commissioner -cum- Registrar of Birth & Deaths City Municipal Council, Hospete. ...Respondent
To, Whom so ever it may concern
WHEREAS the above named petitioners 1) D.Nagmma wife of Late D Hanumanthappa aged about 62 years, housewife, R/o 34th Ward, near Tayamma Gudi, 34th Ward. Hospete, Vijayanagara district 2) Ukkadakeri D.Panchakshri son of Late D.Hanumanthappa, aged about 38 years, agriculturist, R/o 34th Ward, near Thayamma Gudi, 34th Ward, Ukkadakeri Hospete, Vijayanagara district have filed the petition under section 13(3) of Registration of birth and death Act, seeking the direction of this court to issue direction to the respondent to enter the date of death of GUJJAL HANUMAVVA D/o Late DODDA KANIMEPPA who died on 10/06/1970 at her residence at Banadakeri, 34th Ward, Hosapete, who is the mother-in-law of petitioner No. 1 and grand mother of petitioner No.2
WHEREAS, if any persons interested with respect to the above proceedings are hereby noticed to appear in this court in person or by pleader duly able to answer all material question relating to the said petition on : 05/02/2026 at about 11-00 A.M, otherwise the matter will be heard and determined
Given under my hand and seal of this court on this 26th day of Dec 2025,
From H.Venkateshalu, Advocate, Hospete.
Bly order of the court Shirasteder Principal Civil Judge & JMFC Court Hosapete.
